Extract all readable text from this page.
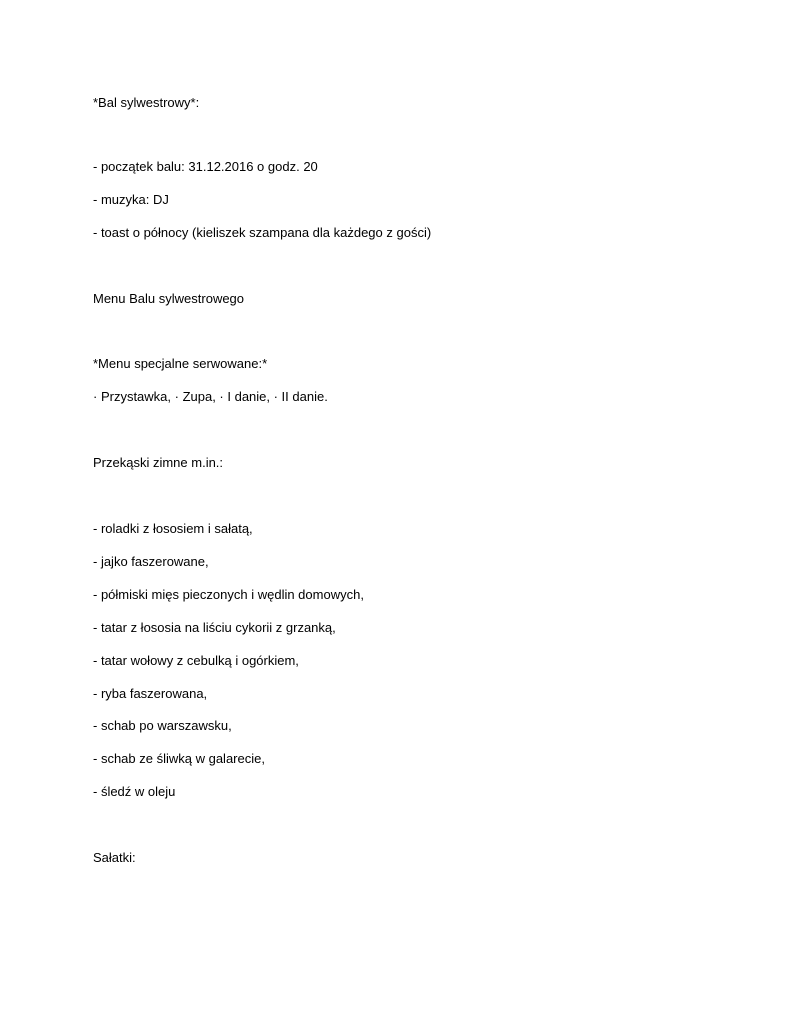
*Bal sylwestrowy*:
- początek balu: 31.12.2016 o godz. 20
- muzyka: DJ
- toast o północy (kieliszek szampana dla każdego z gości)
Menu Balu sylwestrowego
*Menu specjalne serwowane:*
· Przystawka, · Zupa, · I danie, · II danie.
Przekąski zimne m.in.:
- roladki z łososiem i sałatą,
- jajko faszerowane,
- półmiski mięs pieczonych i wędlin domowych,
- tatar z łososia na liściu cykorii z grzanką,
- tatar wołowy z cebulką i ogórkiem,
- ryba faszerowana,
- schab po warszawsku,
- schab ze śliwką w galarecie,
- śledź w oleju
Sałatki:
